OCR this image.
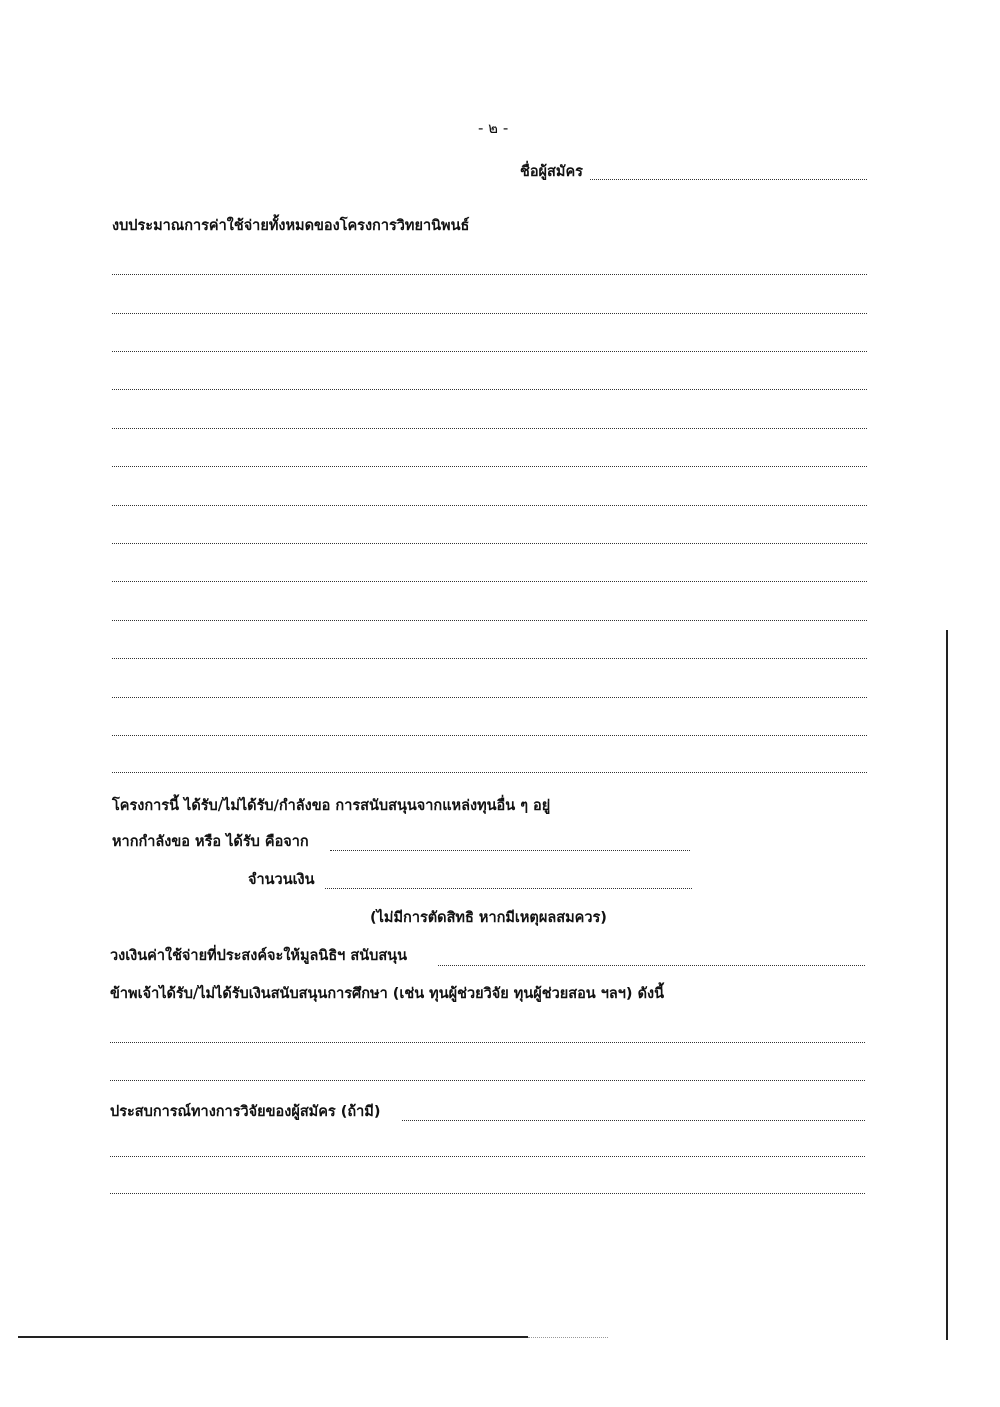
- ๒ -
ชื่อผู้สมัคร
งบประมาณการค่าใช้จ่ายทั้งหมดของโครงการวิทยานิพนธ์
โครงการนี้ ได้รับ/ไม่ได้รับ/กำลังขอ การสนับสนุนจากแหล่งทุนอื่น ๆ อยู่
หากกำลังขอ หรือ ได้รับ คือจาก
จำนวนเงิน
(ไม่มีการตัดสิทธิ หากมีเหตุผลสมควร)
วงเงินค่าใช้จ่ายที่ประสงค์จะให้มูลนิธิฯ สนับสนุน
ข้าพเจ้าได้รับ/ไม่ได้รับเงินสนับสนุนการศึกษา (เช่น ทุนผู้ช่วยวิจัย ทุนผู้ช่วยสอน ฯลฯ) ดังนี้
ประสบการณ์ทางการวิจัยของผู้สมัคร (ถ้ามี)
